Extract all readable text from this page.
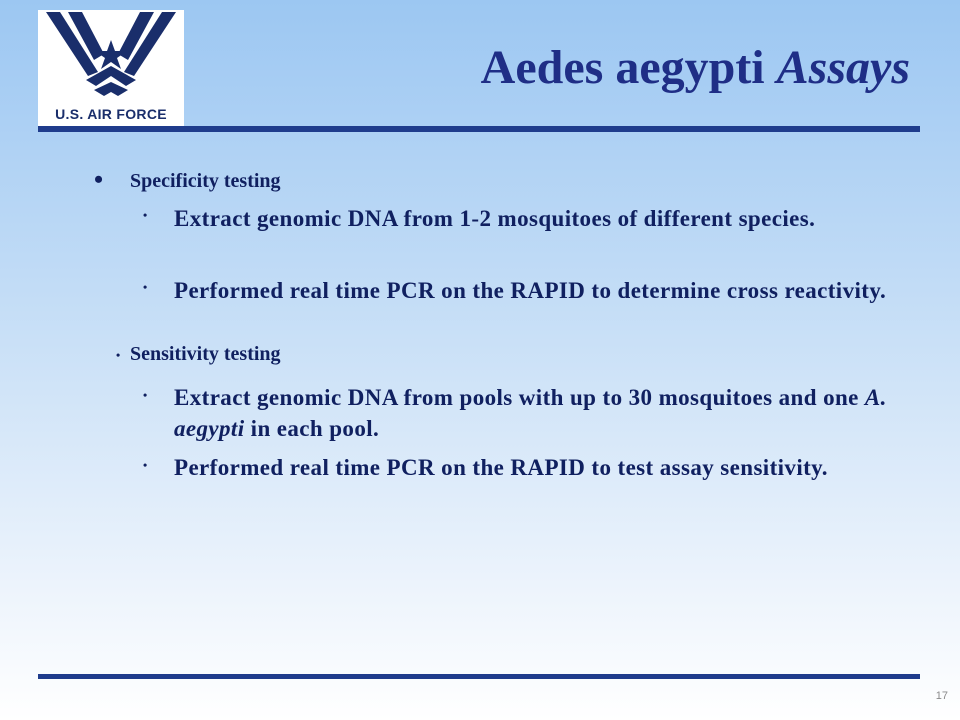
U.S. AIR FORCE
Aedes aegypti Assays
• Specificity testing
• Extract genomic DNA from 1-2 mosquitoes of different species.
• Performed real time PCR on the RAPID to determine cross reactivity.
• Sensitivity testing
• Extract genomic DNA from pools with up to 30 mosquitoes and one A. aegypti in each pool.
• Performed real time PCR on the RAPID to test assay sensitivity.
17
